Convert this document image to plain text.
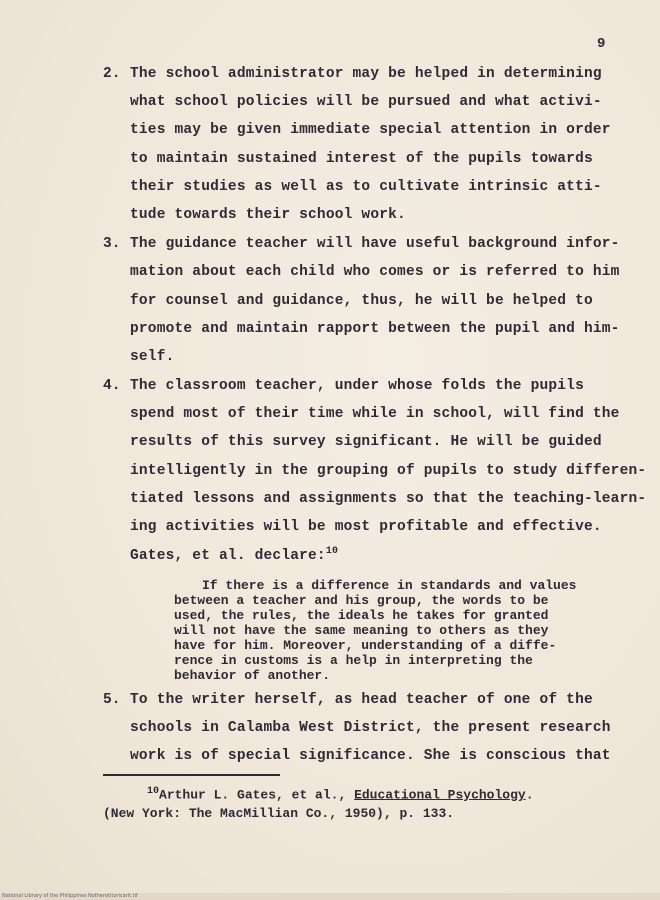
9
2. The school administrator may be helped in determining
what school policies will be pursued and what activi-
ties may be given immediate special attention in order
to maintain sustained interest of the pupils towards
their studies as well as to cultivate intrinsic atti-
tude towards their school work.
3. The guidance teacher will have useful background infor-
mation about each child who comes or is referred to him
for counsel and guidance, thus, he will be helped to
promote and maintain rapport between the pupil and him-
self.
4. The classroom teacher, under whose folds the pupils
spend most of their time while in school, will find the
results of this survey significant. He will be guided
intelligently in the grouping of pupils to study differen-
tiated lessons and assignments so that the teaching-learn-
ing activities will be most profitable and effective.
Gates, et al. declare:$^{10}$
If there is a difference in standards and values
between a teacher and his group, the words to be
used, the rules, the ideals he takes for granted
will not have the same meaning to others as they
have for him. Moreover, understanding of a diffe-
rence in customs is a help in interpreting the
behavior of another.
5. To the writer herself, as head teacher of one of the
schools in Calamba West District, the present research
work is of special significance. She is conscious that
$^{10}$Arthur L. Gates, et al., Educational Psychology.
(New York: The MacMillian Co., 1950), p. 133.
National Library of the Philippines Notheretitoricarit.tif
